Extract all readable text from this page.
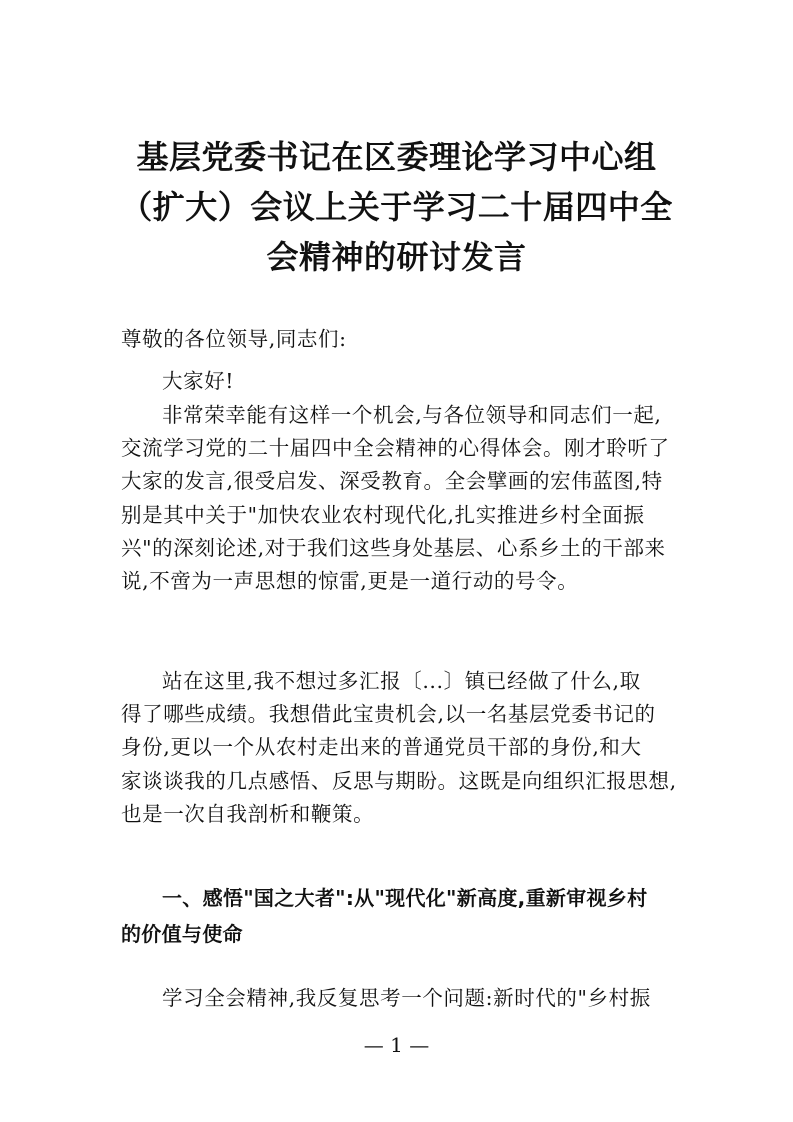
基层党委书记在区委理论学习中心组
（扩大）会议上关于学习二十届四中全
会精神的研讨发言

尊敬的各位领导,同志们:

大家好!

非常荣幸能有这样一个机会,与各位领导和同志们一起,
交流学习党的二十届四中全会精神的心得体会。刚才聆听了
大家的发言,很受启发、深受教育。全会擘画的宏伟蓝图,特
别是其中关于"加快农业农村现代化,扎实推进乡村全面振
兴"的深刻论述,对于我们这些身处基层、心系乡土的干部来
说,不啻为一声思想的惊雷,更是一道行动的号令。
站在这里,我不想过多汇报〔...〕镇已经做了什么,取
得了哪些成绩。我想借此宝贵机会,以一名基层党委书记的
身份,更以一个从农村走出来的普通党员干部的身份,和大
家谈谈我的几点感悟、反思与期盼。这既是向组织汇报思想,
也是一次自我剖析和鞭策。
一、感悟"国之大者":从"现代化"新高度,重新审视乡村
的价值与使命
学习全会精神,我反复思考一个问题:新时代的"乡村振
— 1 —
